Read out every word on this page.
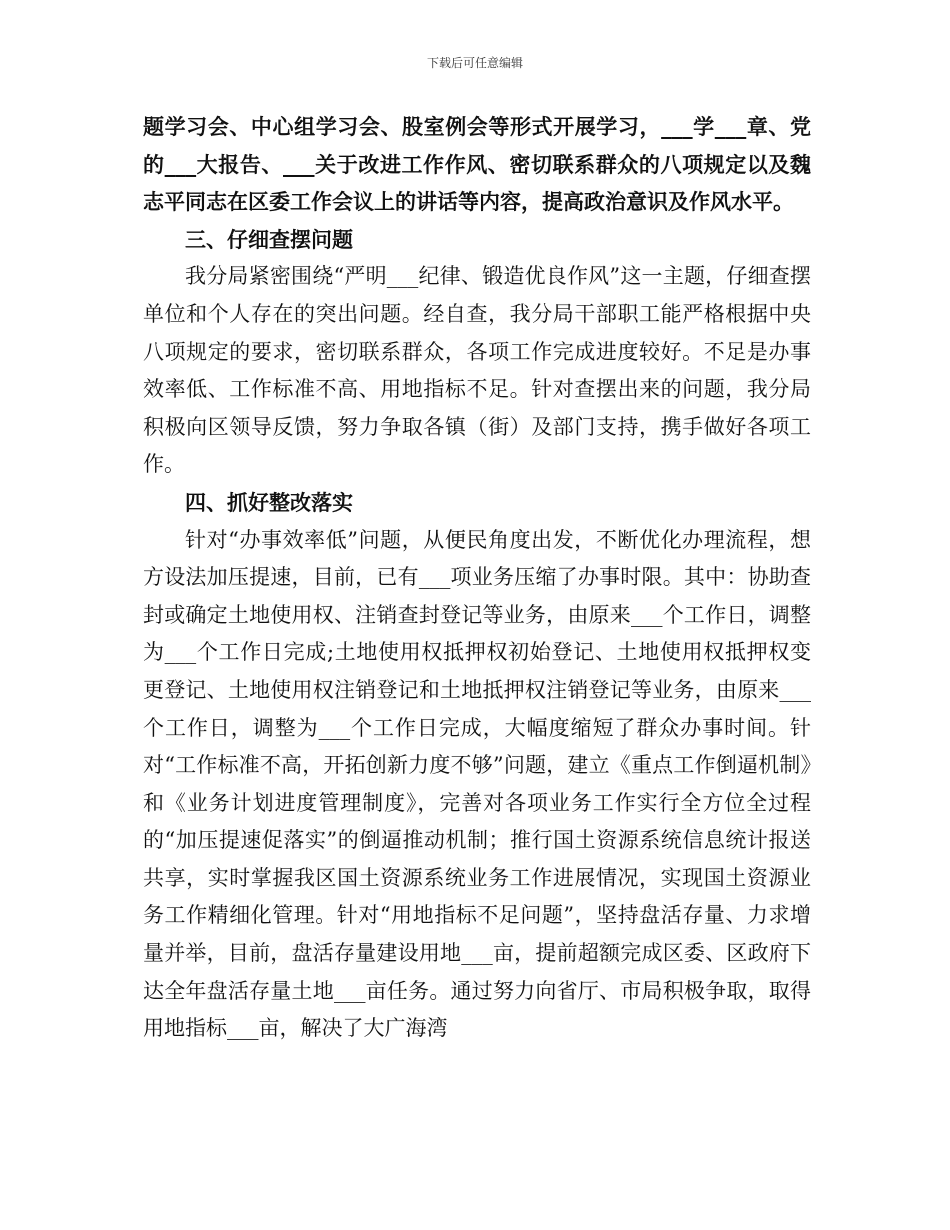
下载后可任意编辑

题学习会、中心组学习会、股室例会等形式开展学习，___学___章、党的___大报告、___关于改进工作作风、密切联系群众的八项规定以及魏志平同志在区委工作会议上的讲话等内容，提高政治意识及作风水平。

三、仔细查摆问题

我分局紧密围绕“严明___纪律、锻造优良作风”这一主题，仔细查摆单位和个人存在的突出问题。经自查，我分局干部职工能严格根据中央八项规定的要求，密切联系群众，各项工作完成进度较好。不足是办事效率低、工作标准不高、用地指标不足。针对查摆出来的问题，我分局积极向区领导反馈，努力争取各镇（街）及部门支持，携手做好各项工作。

四、抓好整改落实

针对“办事效率低”问题，从便民角度出发，不断优化办理流程，想方设法加压提速，目前，已有___项业务压缩了办事时限。其中：协助查封或确定土地使用权、注销查封登记等业务，由原来___个工作日，调整为___个工作日完成;土地使用权抵押权初始登记、土地使用权抵押权变更登记、土地使用权注销登记和土地抵押权注销登记等业务，由原来___个工作日，调整为___个工作日完成，大幅度缩短了群众办事时间。针对“工作标准不高，开拓创新力度不够”问题，建立《重点工作倒逼机制》和《业务计划进度管理制度》，完善对各项业务工作实行全方位全过程的“加压提速促落实”的倒逼推动机制；推行国土资源系统信息统计报送共享，实时掌握我区国土资源系统业务工作进展情况，实现国土资源业务工作精细化管理。针对“用地指标不足问题”，坚持盘活存量、力求增量并举，目前，盘活存量建设用地___亩，提前超额完成区委、区政府下达全年盘活存量土地___亩任务。通过努力向省厅、市局积极争取，取得用地指标___亩，解决了大广海湾
